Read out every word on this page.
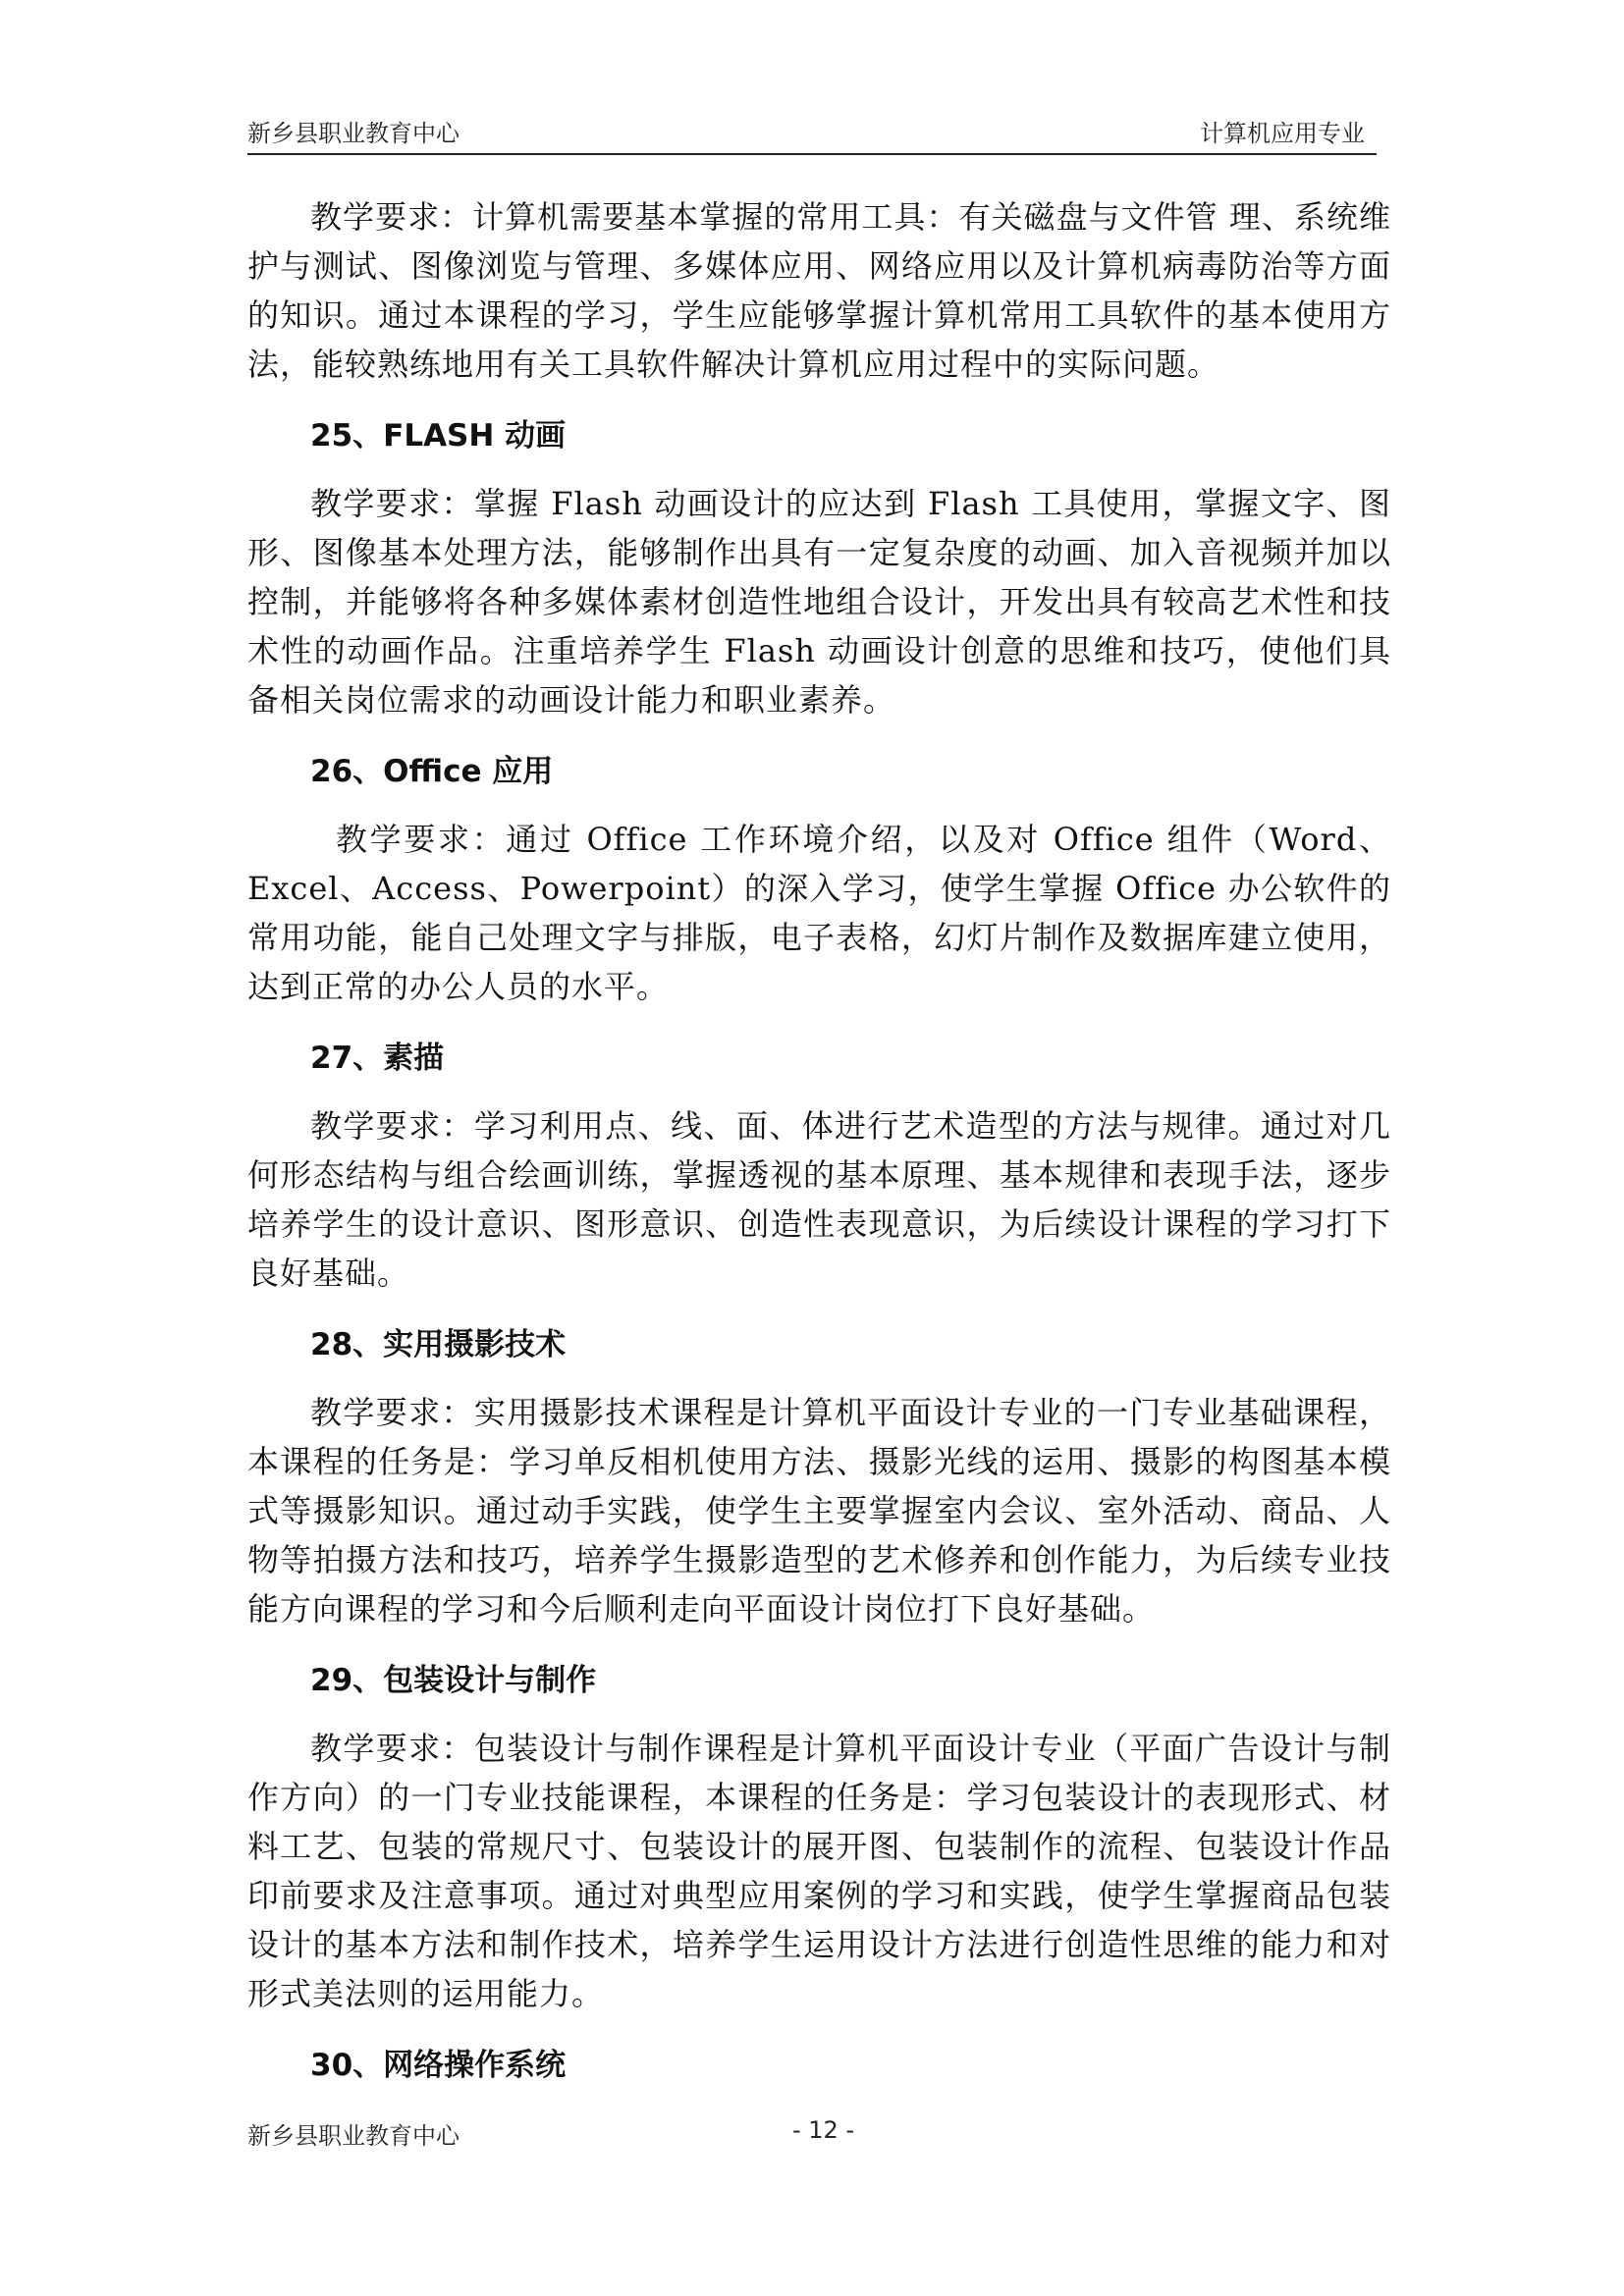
新乡县职业教育中心	计算机应用专业

教学要求：计算机需要基本掌握的常用工具：有关磁盘与文件管 理、系统维护与测试、图像浏览与管理、多媒体应用、网络应用以及计算机病毒防治等方面的知识。通过本课程的学习，学生应能够掌握计算机常用工具软件的基本使用方法，能较熟练地用有关工具软件解决计算机应用过程中的实际问题。

25、FLASH 动画

教学要求：掌握 Flash 动画设计的应达到 Flash 工具使用，掌握文字、图形、图像基本处理方法，能够制作出具有一定复杂度的动画、加入音视频并加以控制，并能够将各种多媒体素材创造性地组合设计，开发出具有较高艺术性和技术性的动画作品。注重培养学生 Flash 动画设计创意的思维和技巧，使他们具备相关岗位需求的动画设计能力和职业素养。

26、Office 应用

教学要求：通过 Office 工作环境介绍，以及对 Office 组件（Word、Excel、Access、Powerpoint）的深入学习，使学生掌握 Office 办公软件的常用功能，能自己处理文字与排版，电子表格，幻灯片制作及数据库建立使用，达到正常的办公人员的水平。

27、素描

教学要求：学习利用点、线、面、体进行艺术造型的方法与规律。通过对几何形态结构与组合绘画训练，掌握透视的基本原理、基本规律和表现手法，逐步培养学生的设计意识、图形意识、创造性表现意识，为后续设计课程的学习打下良好基础。

28、实用摄影技术

教学要求：实用摄影技术课程是计算机平面设计专业的一门专业基础课程，本课程的任务是：学习单反相机使用方法、摄影光线的运用、摄影的构图基本模式等摄影知识。通过动手实践，使学生主要掌握室内会议、室外活动、商品、人物等拍摄方法和技巧，培养学生摄影造型的艺术修养和创作能力，为后续专业技能方向课程的学习和今后顺利走向平面设计岗位打下良好基础。

29、包装设计与制作

教学要求：包装设计与制作课程是计算机平面设计专业（平面广告设计与制作方向）的一门专业技能课程，本课程的任务是：学习包装设计的表现形式、材料工艺、包装的常规尺寸、包装设计的展开图、包装制作的流程、包装设计作品印前要求及注意事项。通过对典型应用案例的学习和实践，使学生掌握商品包装设计的基本方法和制作技术，培养学生运用设计方法进行创造性思维的能力和对形式美法则的运用能力。

30、网络操作系统
新乡县职业教育中心	- 12 -
